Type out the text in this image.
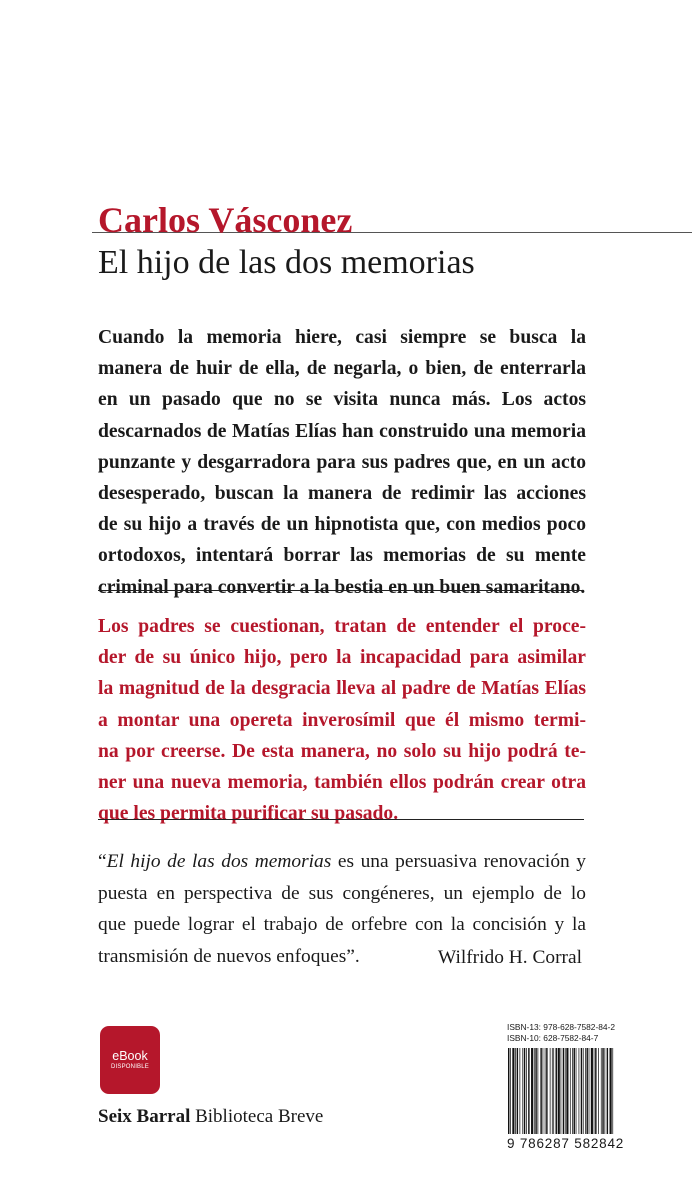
Carlos Vásconez
El hijo de las dos memorias
Cuando la memoria hiere, casi siempre se busca la
manera de huir de ella, de negarla, o bien, de enterrarla
en un pasado que no se visita nunca más. Los actos
descarnados de Matías Elías han construido una memoria
punzante y desgarradora para sus padres que, en un acto
desesperado, buscan la manera de redimir las acciones
de su hijo a través de un hipnotista que, con medios poco
ortodoxos, intentará borrar las memorias de su mente
criminal para convertir a la bestia en un buen samaritano.
Los padres se cuestionan, tratan de entender el proce-
der de su único hijo, pero la incapacidad para asimilar
la magnitud de la desgracia lleva al padre de Matías Elías
a montar una opereta inverosímil que él mismo termi-
na por creerse. De esta manera, no solo su hijo podrá te-
ner una nueva memoria, también ellos podrán crear otra
que les permita purificar su pasado.
“El hijo de las dos memorias es una persuasiva renovación y
puesta en perspectiva de sus congéneres, un ejemplo de lo
que puede lograr el trabajo de orfebre con la concisión y la
transmisión de nuevos enfoques”.	Wilfrido H. Corral
eBook
DISPONIBLE
Seix Barral Biblioteca Breve
ISBN-13: 978-628-7582-84-2
ISBN-10: 628-7582-84-7
9 786287 582842
